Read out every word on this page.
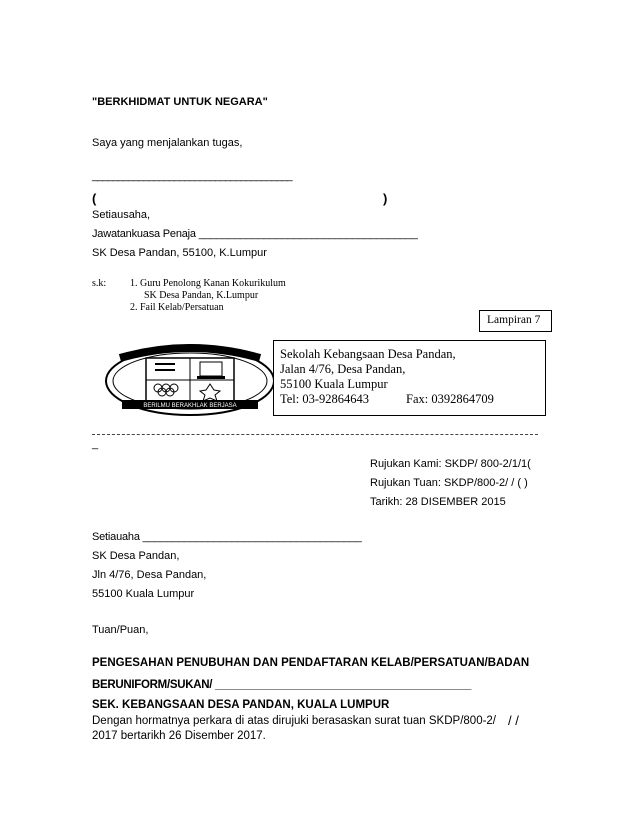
"BERKHIDMAT UNTUK NEGARA"
Saya yang menjalankan tugas,
_______________________________________
(	)
Setiausaha,
Jawatankuasa Penaja _____________________________________
SK Desa Pandan, 55100, K.Lumpur
s.k: 1. Guru Penolong Kanan Kokurikulum
SK Desa Pandan, K.Lumpur
2. Fail Kelab/Persatuan
Lampiran 7
BERILMU BERAKHLAK BERJASA
Sekolah Kebangsaan Desa Pandan,
Jalan 4/76, Desa Pandan,
55100 Kuala Lumpur
Tel: 03-92864643	Fax: 0392864709
_
Rujukan Kami: SKDP/ 800-2/1/1(
Rujukan Tuan: SKDP/800-2/ / ( )
Tarikh: 28 DISEMBER 2015
Setiauaha _____________________________________
SK Desa Pandan,
Jln 4/76, Desa Pandan,
55100 Kuala Lumpur
Tuan/Puan,
PENGESAHAN PENUBUHAN DAN PENDAFTARAN KELAB/PERSATUAN/BADAN
BERUNIFORM/SUKAN/ __________________________________________
SEK. KEBANGSAAN DESA PANDAN, KUALA LUMPUR
Dengan hormatnya perkara di atas dirujuki berasaskan surat tuan SKDP/800-2/ / /
2017 bertarikh 26 Disember 2017.
